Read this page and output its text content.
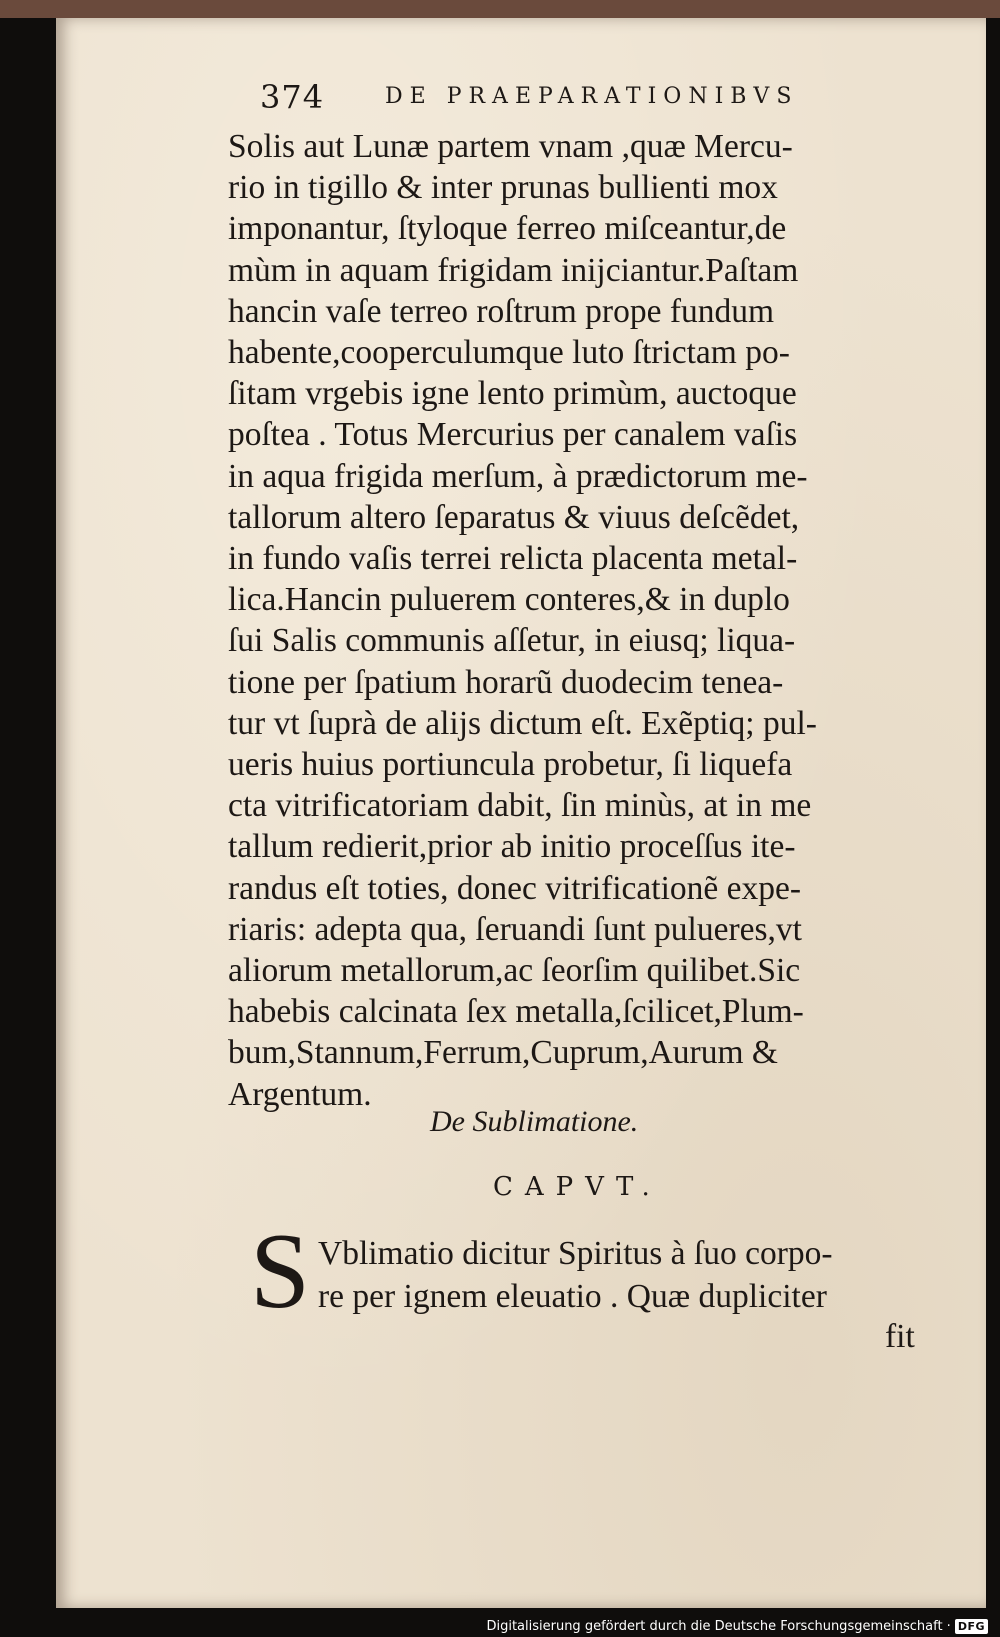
374	DE PRAEPARATIONIBVS
Solis aut Lunæ partem vnam ,quæ Mercu-
rio in tigillo & inter prunas bullienti mox
imponantur, ſtyloque ferreo miſceantur,de
mùm in aquam frigidam inijciantur.Paſtam
hancin vaſe terreo roſtrum prope fundum
habente,cooperculumque luto ſtrictam po-
ſitam vrgebis igne lento primùm, auctoque
poſtea . Totus Mercurius per canalem vaſis
in aqua frigida merſum, à prædictorum me-
tallorum altero ſeparatus & viuus deſcẽdet,
in fundo vaſis terrei relicta placenta metal-
lica.Hancin puluerem conteres,& in duplo
ſui Salis communis aſſetur, in eiusq; liqua-
tione per ſpatium horarũ duodecim tenea-
tur vt ſuprà de alijs dictum eſt. Exẽptiq; pul-
ueris huius portiuncula probetur, ſi liquefa
cta vitrificatoriam dabit, ſin minùs, at in me
tallum redierit,prior ab initio proceſſus ite-
randus eſt toties, donec vitrificationẽ expe-
riaris: adepta qua, ſeruandi ſunt pulueres,vt
aliorum metallorum,ac ſeorſim quilibet.Sic
habebis calcinata ſex metalla,ſcilicet,Plum-
bum,Stannum,Ferrum,Cuprum,Aurum &
Argentum.
De Sublimatione.
CAPVT.
S Vblimatio dicitur Spiritus à ſuo corpo-
re per ignem eleuatio . Quæ dupliciter
fit
Digitalisierung gefördert durch die Deutsche Forschungsgemeinschaft · DFG
